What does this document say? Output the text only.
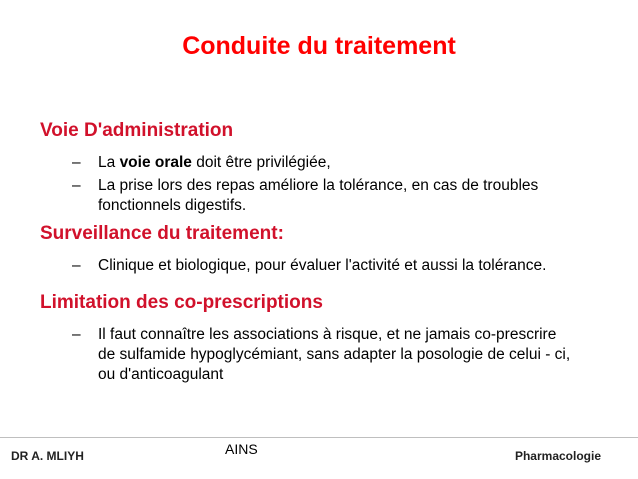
Conduite du traitement
Voie D'administration
– La voie orale doit être privilégiée,
– La prise lors des repas améliore la tolérance, en cas de troubles fonctionnels digestifs.
Surveillance du traitement:
– Clinique et biologique, pour évaluer l'activité et aussi la tolérance.
Limitation des co-prescriptions
– Il faut connaître les associations à risque, et ne jamais co-prescrire de sulfamide hypoglycémiant, sans adapter la posologie de celui - ci, ou d'anticoagulant
DR A. MLIYH	AINS	Pharmacologie
